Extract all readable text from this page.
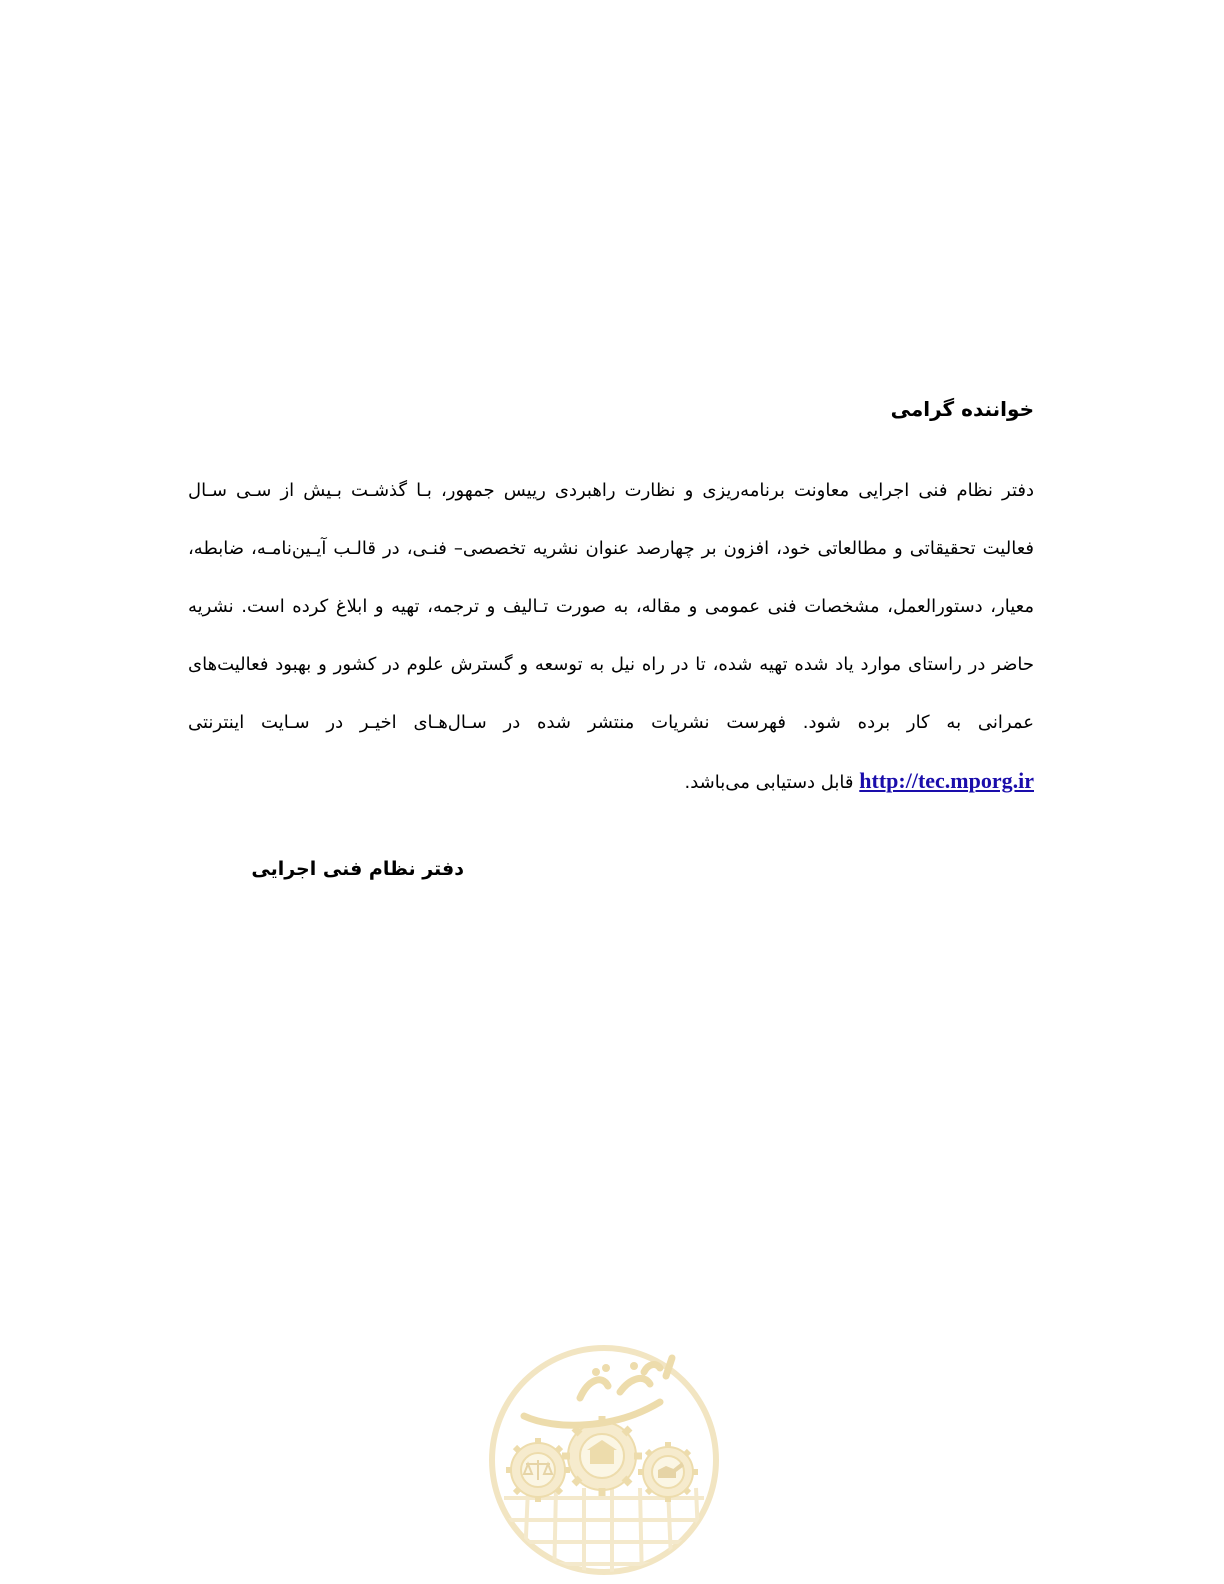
خواننده گرامی

دفتر نظام فنی اجرایی معاونت برنامه‌ریزی و نظارت راهبردی رییس جمهور، بـا گذشـت بـیش از سـی سـال فعالیت تحقیقاتی و مطالعاتی خود، افزون بر چهارصد عنوان نشریه تخصصی– فنـی، در قالـب آیـین‌نامـه، ضابطه، معیار، دستورالعمل، مشخصات فنی عمومی و مقاله، به صورت تـالیف و ترجمه، تهیه و ابلاغ کرده است. نشریه حاضر در راستای موارد یاد شده تهیه شده، تا در راه نیل به توسعه و گسترش علوم در کشور و بهبود فعالیت‌های عمرانی به کار برده شود. فهرست نشریات منتشر شده در سـال‌هـای اخیـر در سـایت اینترنتی http://tec.mporg.ir قابل دستیابی می‌باشد.

دفتر نظام فنی اجرایی
